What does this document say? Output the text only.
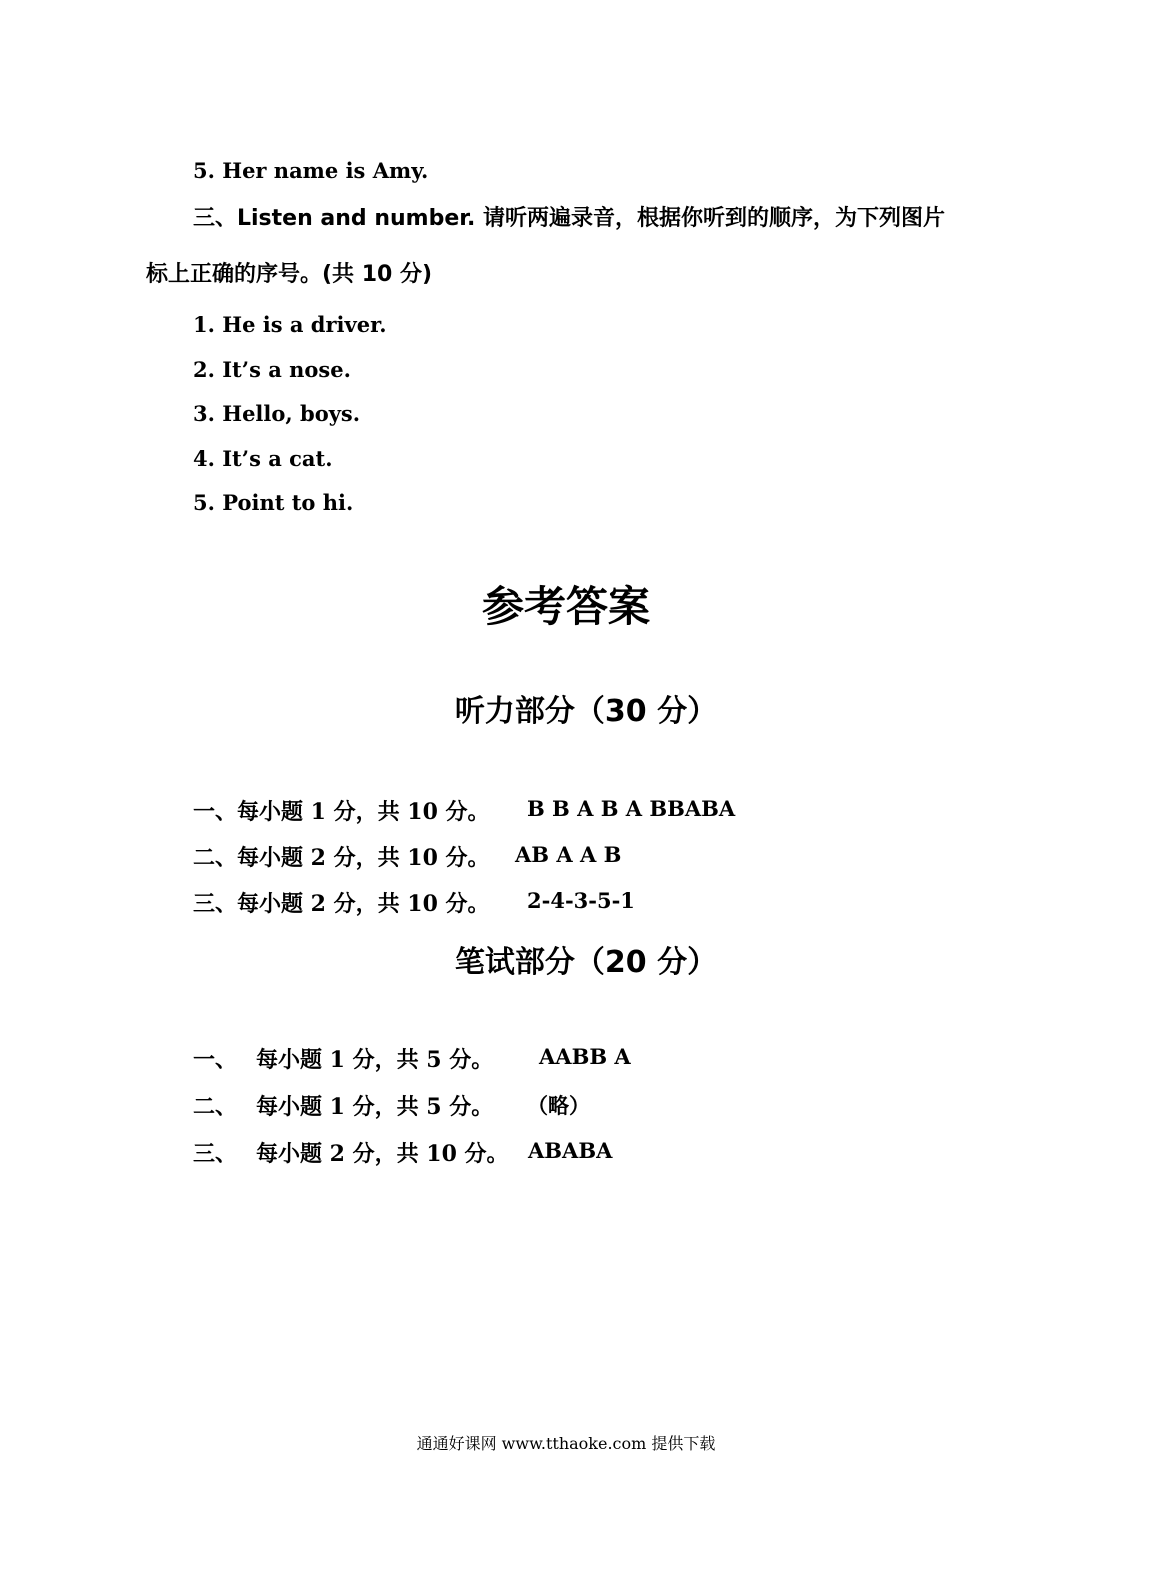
5. Her name is Amy.
三、Listen and number. 请听两遍录音，根据你听到的顺序，为下列图片
标上正确的序号。(共 10 分)
1. He is a driver.
2. It’s a nose.
3. Hello, boys.
4. It’s a cat.
5. Point to hi.
参考答案
听力部分（30 分）
一、每小题 1 分，共 10 分。 B B A B A BBABA
二、每小题 2 分，共 10 分。 AB A A B
三、每小题 2 分，共 10 分。 2-4-3-5-1
笔试部分（20 分）
一、 每小题 1 分，共 5 分。 AABB A
二、 每小题 1 分，共 5 分。 （略）
三、 每小题 2 分，共 10 分。 ABABA
通通好课网 www.tthaoke.com 提供下载
